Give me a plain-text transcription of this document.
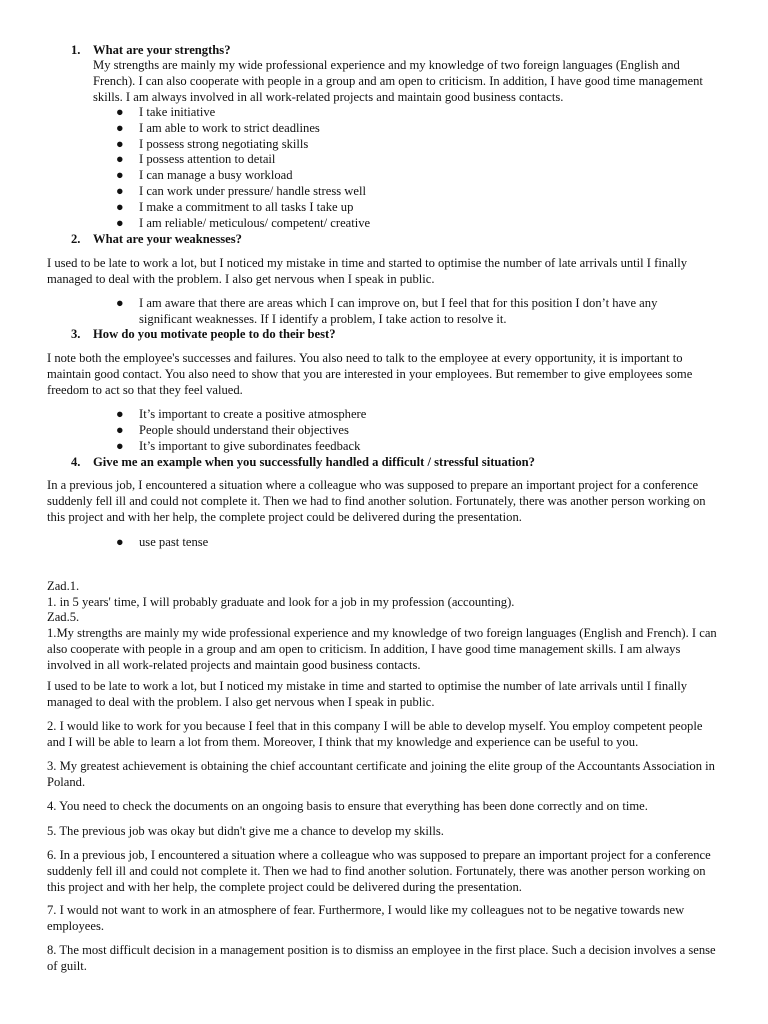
1. What are your strengths?
My strengths are mainly my wide professional experience and my knowledge of two foreign languages (English and French). I can also cooperate with people in a group and am open to criticism. In addition, I have good time management skills. I am always involved in all work-related projects and maintain good business contacts.
● I take initiative
● I am able to work to strict deadlines
● I possess strong negotiating skills
● I possess attention to detail
● I can manage a busy workload
● I can work under pressure/ handle stress well
● I make a commitment to all tasks I take up
● I am reliable/ meticulous/ competent/ creative
2. What are your weaknesses?
I used to be late to work a lot, but I noticed my mistake in time and started to optimise the number of late arrivals until I finally managed to deal with the problem. I also get nervous when I speak in public.
● I am aware that there are areas which I can improve on, but I feel that for this position I don’t have any significant weaknesses. If I identify a problem, I take action to resolve it.
3. How do you motivate people to do their best?
I note both the employee's successes and failures. You also need to talk to the employee at every opportunity, it is important to maintain good contact. You also need to show that you are interested in your employees. But remember to give employees some freedom to act so that they feel valued.
● It’s important to create a positive atmosphere
● People should understand their objectives
● It’s important to give subordinates feedback
4. Give me an example when you successfully handled a difficult / stressful situation?
In a previous job, I encountered a situation where a colleague who was supposed to prepare an important project for a conference suddenly fell ill and could not complete it. Then we had to find another solution. Fortunately, there was another person working on this project and with her help, the complete project could be delivered during the presentation.
● use past tense
Zad.1.
1. in 5 years' time, I will probably graduate and look for a job in my profession (accounting).
Zad.5.
1.My strengths are mainly my wide professional experience and my knowledge of two foreign languages (English and French). I can also cooperate with people in a group and am open to criticism. In addition, I have good time management skills. I am always involved in all work-related projects and maintain good business contacts.
I used to be late to work a lot, but I noticed my mistake in time and started to optimise the number of late arrivals until I finally managed to deal with the problem. I also get nervous when I speak in public.
2. I would like to work for you because I feel that in this company I will be able to develop myself. You employ competent people and I will be able to learn a lot from them. Moreover, I think that my knowledge and experience can be useful to you.
3. My greatest achievement is obtaining the chief accountant certificate and joining the elite group of the Accountants Association in Poland.
4. You need to check the documents on an ongoing basis to ensure that everything has been done correctly and on time.
5. The previous job was okay but didn't give me a chance to develop my skills.
6. In a previous job, I encountered a situation where a colleague who was supposed to prepare an important project for a conference suddenly fell ill and could not complete it. Then we had to find another solution. Fortunately, there was another person working on this project and with her help, the complete project could be delivered during the presentation.
7. I would not want to work in an atmosphere of fear. Furthermore, I would like my colleagues not to be negative towards new employees.
8. The most difficult decision in a management position is to dismiss an employee in the first place. Such a decision involves a sense of guilt.
